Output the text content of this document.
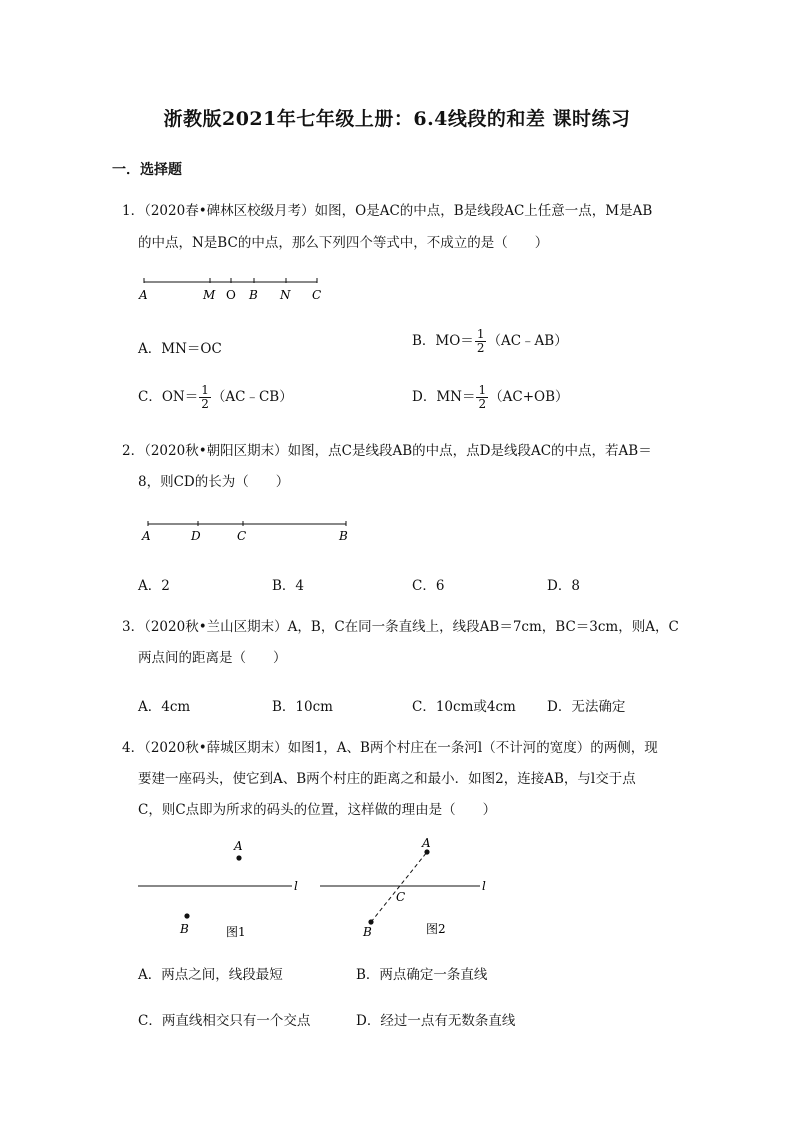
浙教版2021年七年级上册：6.4线段的和差 课时练习
一．选择题
1．（2020春•碑林区校级月考）如图，O是AC的中点，B是线段AC上任意一点，M是AB
的中点，N是BC的中点，那么下列四个等式中，不成立的是（　　）
A	M O B N C
A．MN＝OC	B．$MO= \frac{1}{2}$ （AC﹣AB）
C．$ON= \frac{1}{2}$ （AC﹣CB）	D．$MN= \frac{1}{2} (AC+OB)$
2．（2020秋•朝阳区期末）如图，点C是线段AB的中点，点D是线段AC的中点，若AB＝
8，则CD的长为（　　）
A	D	C	B
A．2	B．4	C．6	D．8
3．（2020秋•兰山区期末）A，B，C在同一条直线上，线段AB＝7cm，BC＝3cm，则A，C
两点间的距离是（　　）
A．4cm	B．10cm	C．10cm或4cm D．无法确定
4．（2020秋•薛城区期末）如图1，A、B两个村庄在一条河l（不计河的宽度）的两侧，现
要建一座码头，使它到A、B两个村庄的距离之和最小．如图2，连接AB，与l交于点
C，则C点即为所求的码头的位置，这样做的理由是（　　）
A
l
B	图1
A
l
C
B	图2
A．两点之间，线段最短	B．两点确定一条直线
C．两直线相交只有一个交点	D．经过一点有无数条直线
